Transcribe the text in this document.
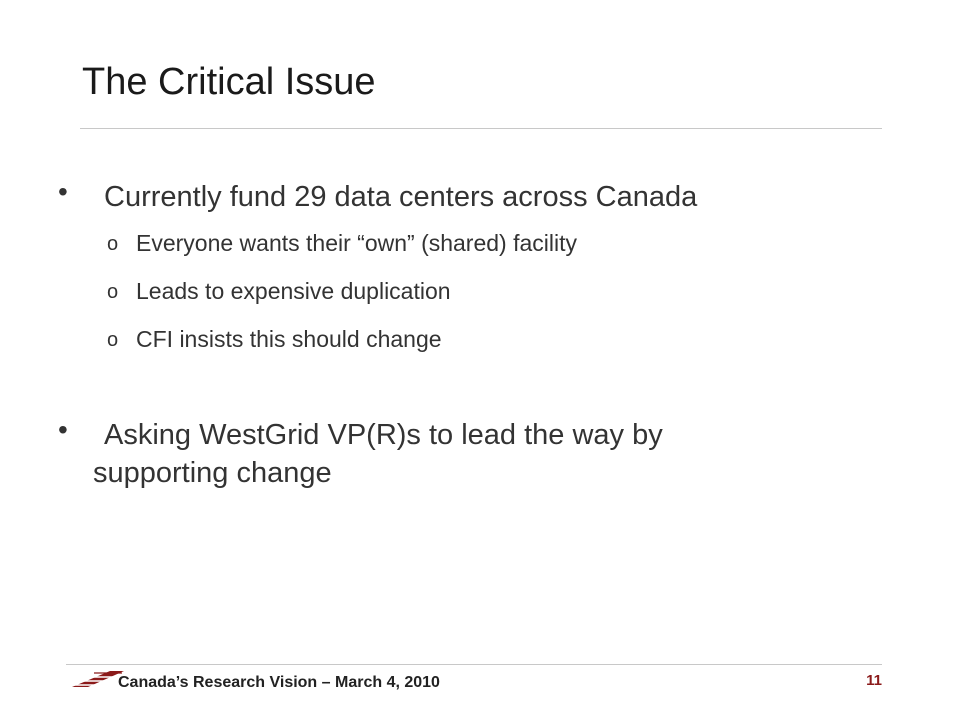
The Critical Issue
• Currently fund 29 data centers across Canada
o Everyone wants their “own” (shared) facility
o Leads to expensive duplication
o CFI insists this should change
• Asking WestGrid VP(R)s to lead the way by
supporting change
Canada’s Research Vision – March 4, 2010	11
